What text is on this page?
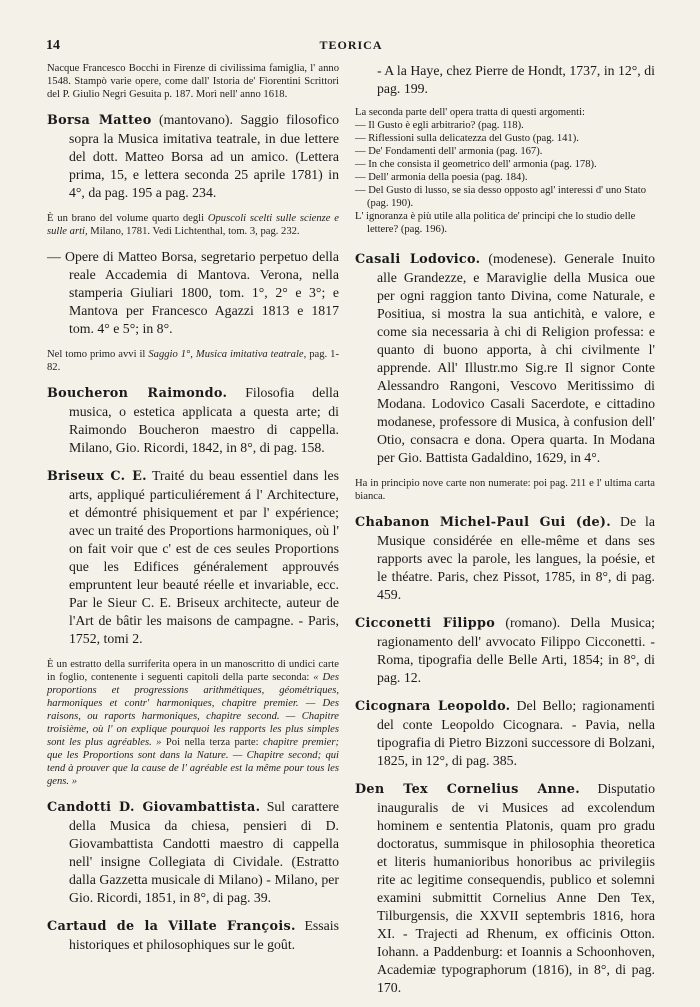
14	TEORICA
Nacque Francesco Bocchi in Firenze di civilissima famiglia, l' anno 1548. Stampò varie opere, come dall' Istoria de' Fiorentini Scrittori del P. Giulio Negri Gesuita p. 187. Morì nell' anno 1618.
Borsa Matteo (mantovano). Saggio filosofico sopra la Musica imitativa teatrale, in due lettere del dott. Matteo Borsa ad un amico. (Lettera prima, 15, e lettera seconda 25 aprile 1781) in 4°, da pag. 195 a pag. 234.
È un brano del volume quarto degli Opuscoli scelti sulle scienze e sulle arti, Milano, 1781. Vedi Lichtenthal, tom. 3, pag. 232.
— Opere di Matteo Borsa, segretario perpetuo della reale Accademia di Mantova. Verona, nella stamperia Giuliari 1800, tom. 1°, 2° e 3°; e Mantova per Francesco Agazzi 1813 e 1817 tom. 4° e 5°; in 8°.
Nel tomo primo avvi il Saggio 1°, Musica imitativa teatrale, pag. 1-82.
Boucheron Raimondo. Filosofia della musica, o estetica applicata a questa arte; di Raimondo Boucheron maestro di cappella. Milano, Gio. Ricordi, 1842, in 8°, di pag. 158.
Briseux C. E. Traité du beau essentiel dans les arts, appliqué particuliérement á l' Architecture, et démontré phisiquement et par l' expérience; avec un traité des Proportions harmoniques, où l' on fait voir que c' est de ces seules Proportions que les Edifices généralement approuvés empruntent leur beauté réelle et invariable, ecc. Par le Sieur C. E. Briseux architecte, auteur de l'Art de bâtir les maisons de campagne. - Paris, 1752, tomi 2.
È un estratto della surriferita opera in un manoscritto di undici carte in foglio, contenente i seguenti capitoli della parte seconda: « Des proportions et progressions arithmétiques, géométriques, harmoniques et contr' harmoniques, chapitre premier. — Des raisons, ou raports harmoniques, chapitre second. — Chapitre troisième, où l' on explique pourquoi les rapports les plus simples sont les plus agréables. » Poi nella terza parte: chapitre premier; que les Proportions sont dans la Nature. — Chapitre second; qui tend à prouver que la cause de l' agréable est la même pour tous les gens. »
Candotti D. Giovambattista. Sul carattere della Musica da chiesa, pensieri di D. Giovambattista Candotti maestro di cappella nell' insigne Collegiata di Cividale. (Estratto dalla Gazzetta musicale di Milano) - Milano, per Gio. Ricordi, 1851, in 8°, di pag. 39.
Cartaud de la Villate François. Essais historiques et philosophiques sur le goût.
- A la Haye, chez Pierre de Hondt, 1737, in 12°, di pag. 199.

La seconda parte dell' opera tratta di questi argomenti:

— Il Gusto è egli arbitrario? (pag. 118).
— Riflessioni sulla delicatezza del Gusto (pag. 141).
— De' Fondamenti dell' armonia (pag. 167).
— In che consista il geometrico dell' armonia (pag. 178).
— Dell' armonia della poesia (pag. 184).
— Del Gusto di lusso, se sia desso opposto agl' interessi d' uno Stato (pag. 190).
L' ignoranza è più utile alla politica de' principi che lo studio delle lettere? (pag. 196).
Casali Lodovico. (modenese). Generale Inuito alle Grandezze, e Maraviglie della Musica oue per ogni raggion tanto Divina, come Naturale, e Positiua, si mostra la sua antichità, e valore, e come sia necessaria à chi di Religion professa: e quanto di buono apporta, à chi civilmente l' apprende. All' Illustr.mo Sig.re Il signor Conte Alessandro Rangoni, Vescovo Meritissimo di Modana. Lodovico Casali Sacerdote, e cittadino modanese, professore di Musica, à confusion dell' Otio, consacra e dona. Opera quarta. In Modana per Gio. Battista Gadaldino, 1629, in 4°.
Ha in principio nove carte non numerate: poi pag. 211 e l' ultima carta bianca.
Chabanon Michel-Paul Gui (de). De la Musique considérée en elle-même et dans ses rapports avec la parole, les langues, la poésie, et le théatre. Paris, chez Pissot, 1785, in 8°, di pag. 459.
Cicconetti Filippo (romano). Della Musica; ragionamento dell' avvocato Filippo Cicconetti. - Roma, tipografia delle Belle Arti, 1854; in 8°, di pag. 12.
Cicognara Leopoldo. Del Bello; ragionamenti del conte Leopoldo Cicognara. - Pavia, nella tipografia di Pietro Bizzoni successore di Bolzani, 1825, in 12°, di pag. 385.
Den Tex Cornelius Anne. Disputatio inauguralis de vi Musices ad excolendum hominem e sententia Platonis, quam pro gradu doctoratus, summisque in philosophia theoretica et literis humanioribus honoribus ac privilegiis rite ac legitime consequendis, publico et solemni examini submittit Cornelius Anne Den Tex, Tilburgensis, die XXVII septembris 1816, hora XI. - Trajecti ad Rhenum, ex officinis Otton. Iohann. a Paddenburg: et Ioannis a Schoonhoven, Academiæ typographorum (1816), in 8°, di pag. 170.
